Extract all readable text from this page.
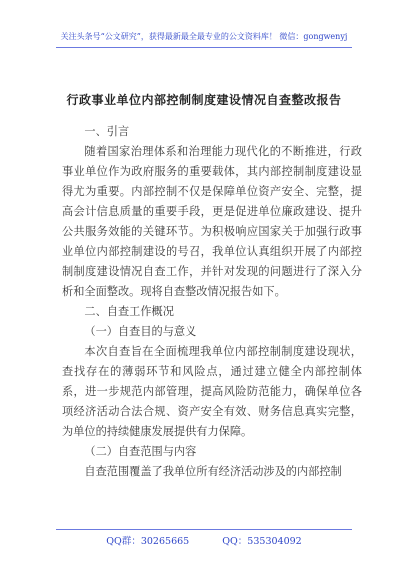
关注头条号“公文研究”，获得最新最全最专业的公文资料库！ 微信：gongwenyj
行政事业单位内部控制制度建设情况自查整改报告

一、引言

随着国家治理体系和治理能力现代化的不断推进，行政事业单位作为政府服务的重要载体，其内部控制制度建设显得尤为重要。内部控制不仅是保障单位资产安全、完整，提高会计信息质量的重要手段，更是促进单位廉政建设、提升公共服务效能的关键环节。为积极响应国家关于加强行政事业单位内部控制建设的号召，我单位认真组织开展了内部控制制度建设情况自查工作，并针对发现的问题进行了深入分析和全面整改。现将自查整改情况报告如下。

二、自查工作概况

（一）自查目的与意义

本次自查旨在全面梳理我单位内部控制制度建设现状，查找存在的薄弱环节和风险点，通过建立健全内部控制体系，进一步规范内部管理，提高风险防范能力，确保单位各项经济活动合法合规、资产安全有效、财务信息真实完整，为单位的持续健康发展提供有力保障。

（二）自查范围与内容

自查范围覆盖了我单位所有经济活动涉及的内部控制

QQ群：30265665	QQ：535304092
